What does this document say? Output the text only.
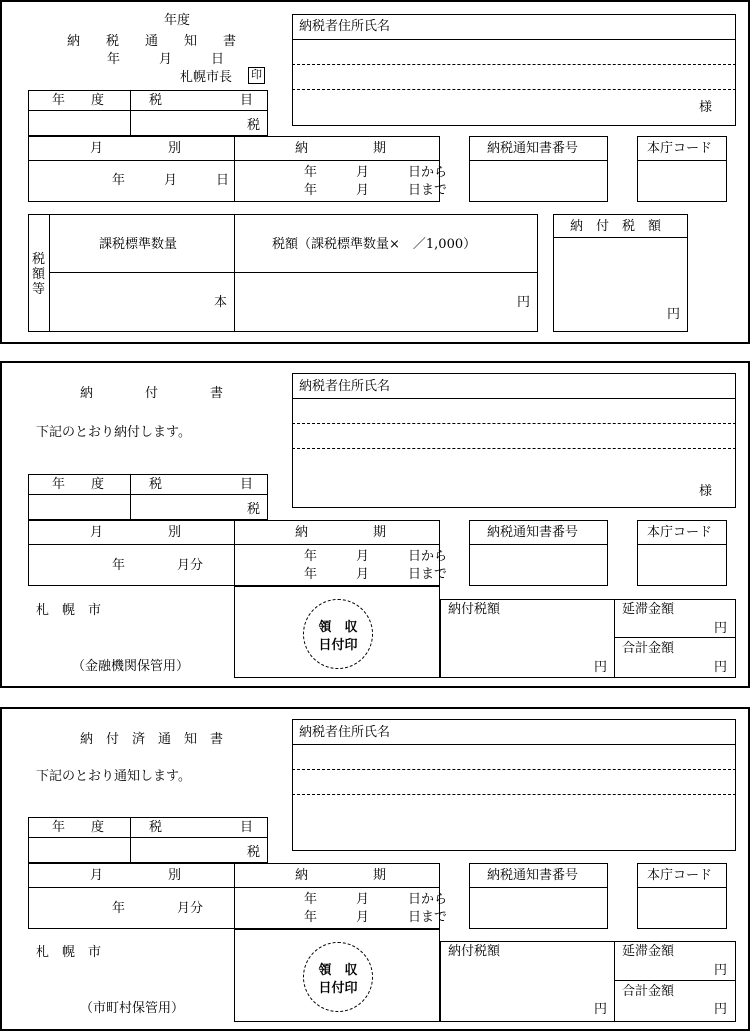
年度
納　　税　　通　　知　　書
年　　　月　　　日
札幌市長 印
納税者住所氏名
様
年　　度	税　　　　　　目
税
月　　　　　別	納　　　　　期
年　　　月　　　日
年　　　月　　　日から
年　　　月　　　日まで
納税通知書番号	本庁コード
税
額
等
課税標準数量	税額（課税標準数量×　／1,000）
本	円
納　付　税　額
円
納　　　　付　　　　書
下記のとおり納付します。
納税者住所氏名
様
年　　度	税　　　　　　目
税
月　　　　　別	納　　　　　期
年　　　　月分
年　　　月　　　日から
年　　　月　　　日まで
納税通知書番号	本庁コード
札　幌　市
（金融機関保管用）
領　収
日付印
納付税額
円
延滞金額
円
合計金額
円
納　付　済　通　知　書
下記のとおり通知します。
納税者住所氏名
年　　度	税　　　　　　目
税
月　　　　　別	納　　　　　期
年　　　　月分
年　　　月　　　日から
年　　　月　　　日まで
納税通知書番号	本庁コード
札　幌　市
（市町村保管用）
領　収
日付印
納付税額
円
延滞金額
円
合計金額
円
